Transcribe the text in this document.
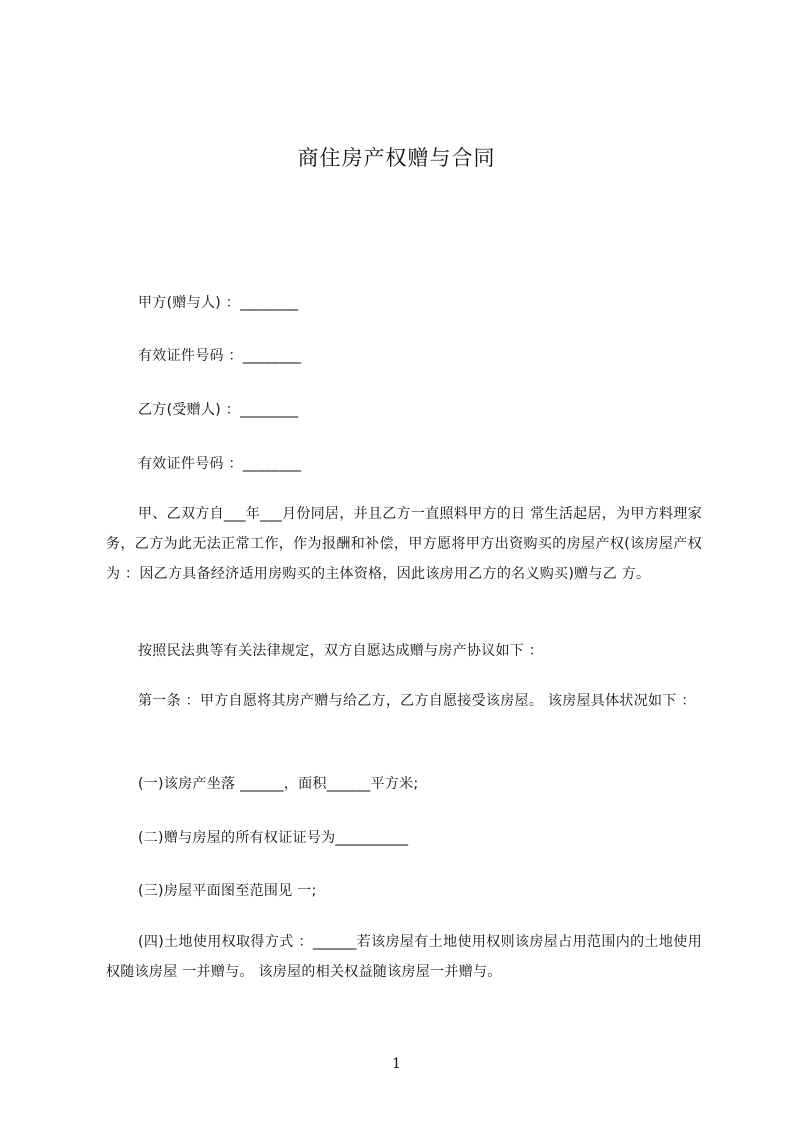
商住房产权赠与合同
甲方(赠与人) ：________
有效证件号码 ：________
乙方(受赠人) ：________
有效证件号码 ：________
甲、乙双方自___年___月份同居，并且乙方一直照料甲方的日 常生活起居，为甲方料理家务，乙方为此无法正常工作，作为报酬和补偿，甲方愿将甲方出资购买的房屋产权(该房屋产权为 ：因乙方具备经济适用房购买的主体资格，因此该房用乙方的名义购买)赠与乙 方。
按照民法典等有关法律规定，双方自愿达成赠与房产协议如下 ：
第一条 ：甲方自愿将其房产赠与给乙方，乙方自愿接受该房屋。 该房屋具体状况如下 ：
(一)该房产坐落 ______，面积______平方米;
(二)赠与房屋的所有权证证号为__________
(三)房屋平面图至范围见 一;
(四)土地使用权取得方式 ：______若该房屋有土地使用权则该房屋占用范围内的土地使用权随该房屋 一并赠与。 该房屋的相关权益随该房屋一并赠与。
1
